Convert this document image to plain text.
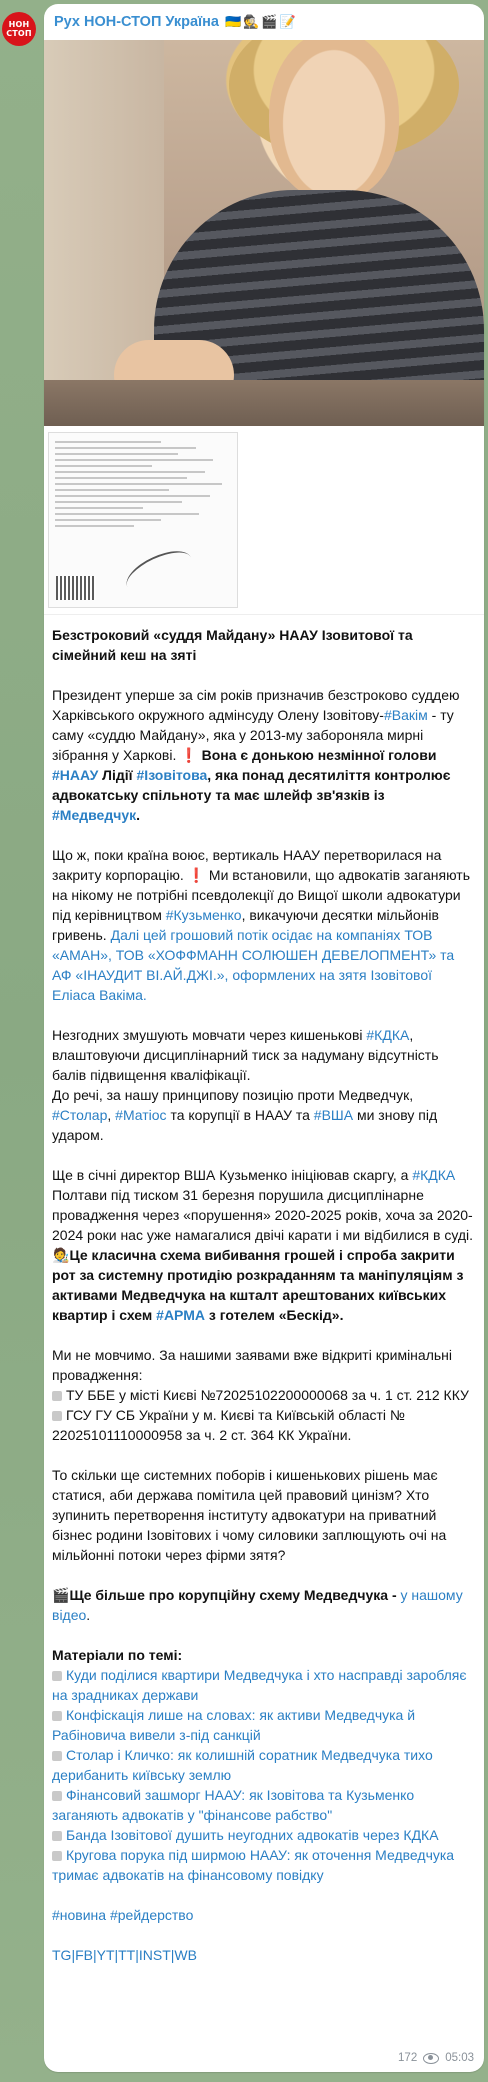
НОН
СТОП
Рух НОН-СТОП Україна 🇺🇦🕵️🎬📝

Безстроковий «суддя Майдану» НААУ Ізовитової та сімейний кеш на зяті

Президент уперше за сім років призначив безстроково суддею Харківського окружного адмінсуду Олену Ізовітову-#Вакім - ту саму «суддю Майдану», яка у 2013-му забороняла мирні зібрання у Харкові. ❗ Вона є донькою незмінної голови #НААУ Лідії #Ізовітова, яка понад десятиліття контролює адвокатську спільноту та має шлейф зв'язків із #Медведчук.

Що ж, поки країна воює, вертикаль НААУ перетворилася на закриту корпорацію. ❗ Ми встановили, що адвокатів заганяють на нікому не потрібні псевдолекції до Вищої школи адвокатури під керівництвом #Кузьменко, викачуючи десятки мільйонів гривень. Далі цей грошовий потік осідає на компаніях ТОВ «АМАН», ТОВ «ХОФФМАНН СОЛЮШЕН ДЕВЕЛОПМЕНТ» та АФ «ІНАУДИТ ВІ.АЙ.ДЖІ.», оформлених на зятя Ізовітової Еліаса Вакіма.

Незгодних змушують мовчати через кишенькові #КДКА, влаштовуючи дисциплінарний тиск за надуману відсутність балів підвищення кваліфікації.
До речі, за нашу принципову позицію проти Медведчук, #Столар, #Матіос та корупції в НААУ та #ВША ми знову під ударом.

Ще в січні директор ВША Кузьменко ініціював скаргу, а #КДКА Полтави під тиском 31 березня порушила дисциплінарне провадження через «порушення» 2020-2025 років, хоча за 2020-2024 роки нас уже намагалися двічі карати і ми відбилися в суді. 🧑‍🎨Це класична схема вибивання грошей і спроба закрити рот за системну протидію розкраданням та маніпуляціям з активами Медведчука на кшталт арештованих київських квартир і схем #АРМА з готелем «Бескід».

Ми не мовчимо. За нашими заявами вже відкриті кримінальні провадження:
ТУ ББЕ у місті Києві №72025102200000068 за ч. 1 ст. 212 ККУ
ГСУ ГУ СБ України у м. Києві та Київській області № 22025101110000958 за ч. 2 ст. 364 КК України.

То скільки ще системних поборів і кишенькових рішень має статися, аби держава помітила цей правовий цинізм? Хто зупинить перетворення інституту адвокатури на приватний бізнес родини Ізовітових і чому силовики заплющують очі на мільйонні потоки через фірми зятя?

🎬Ще більше про корупційну схему Медведчука - у нашому відео.

Матеріали по темі:
Куди поділися квартири Медведчука і хто насправді заробляє на зрадниках держави
Конфіскація лише на словах: як активи Медведчука й Рабіновича вивели з-під санкцій
Столар і Кличко: як колишній соратник Медведчука тихо дерибанить київську землю
Фінансовий зашморг НААУ: як Ізовітова та Кузьменко заганяють адвокатів у "фінансове рабство"
Банда Ізовітової душить неугодних адвокатів через КДКА
Кругова порука під ширмою НААУ: як оточення Медведчука тримає адвокатів на фінансовому повідку

#новина #рейдерство

TG|FB|YT|TT|INST|WB

172 05:03
